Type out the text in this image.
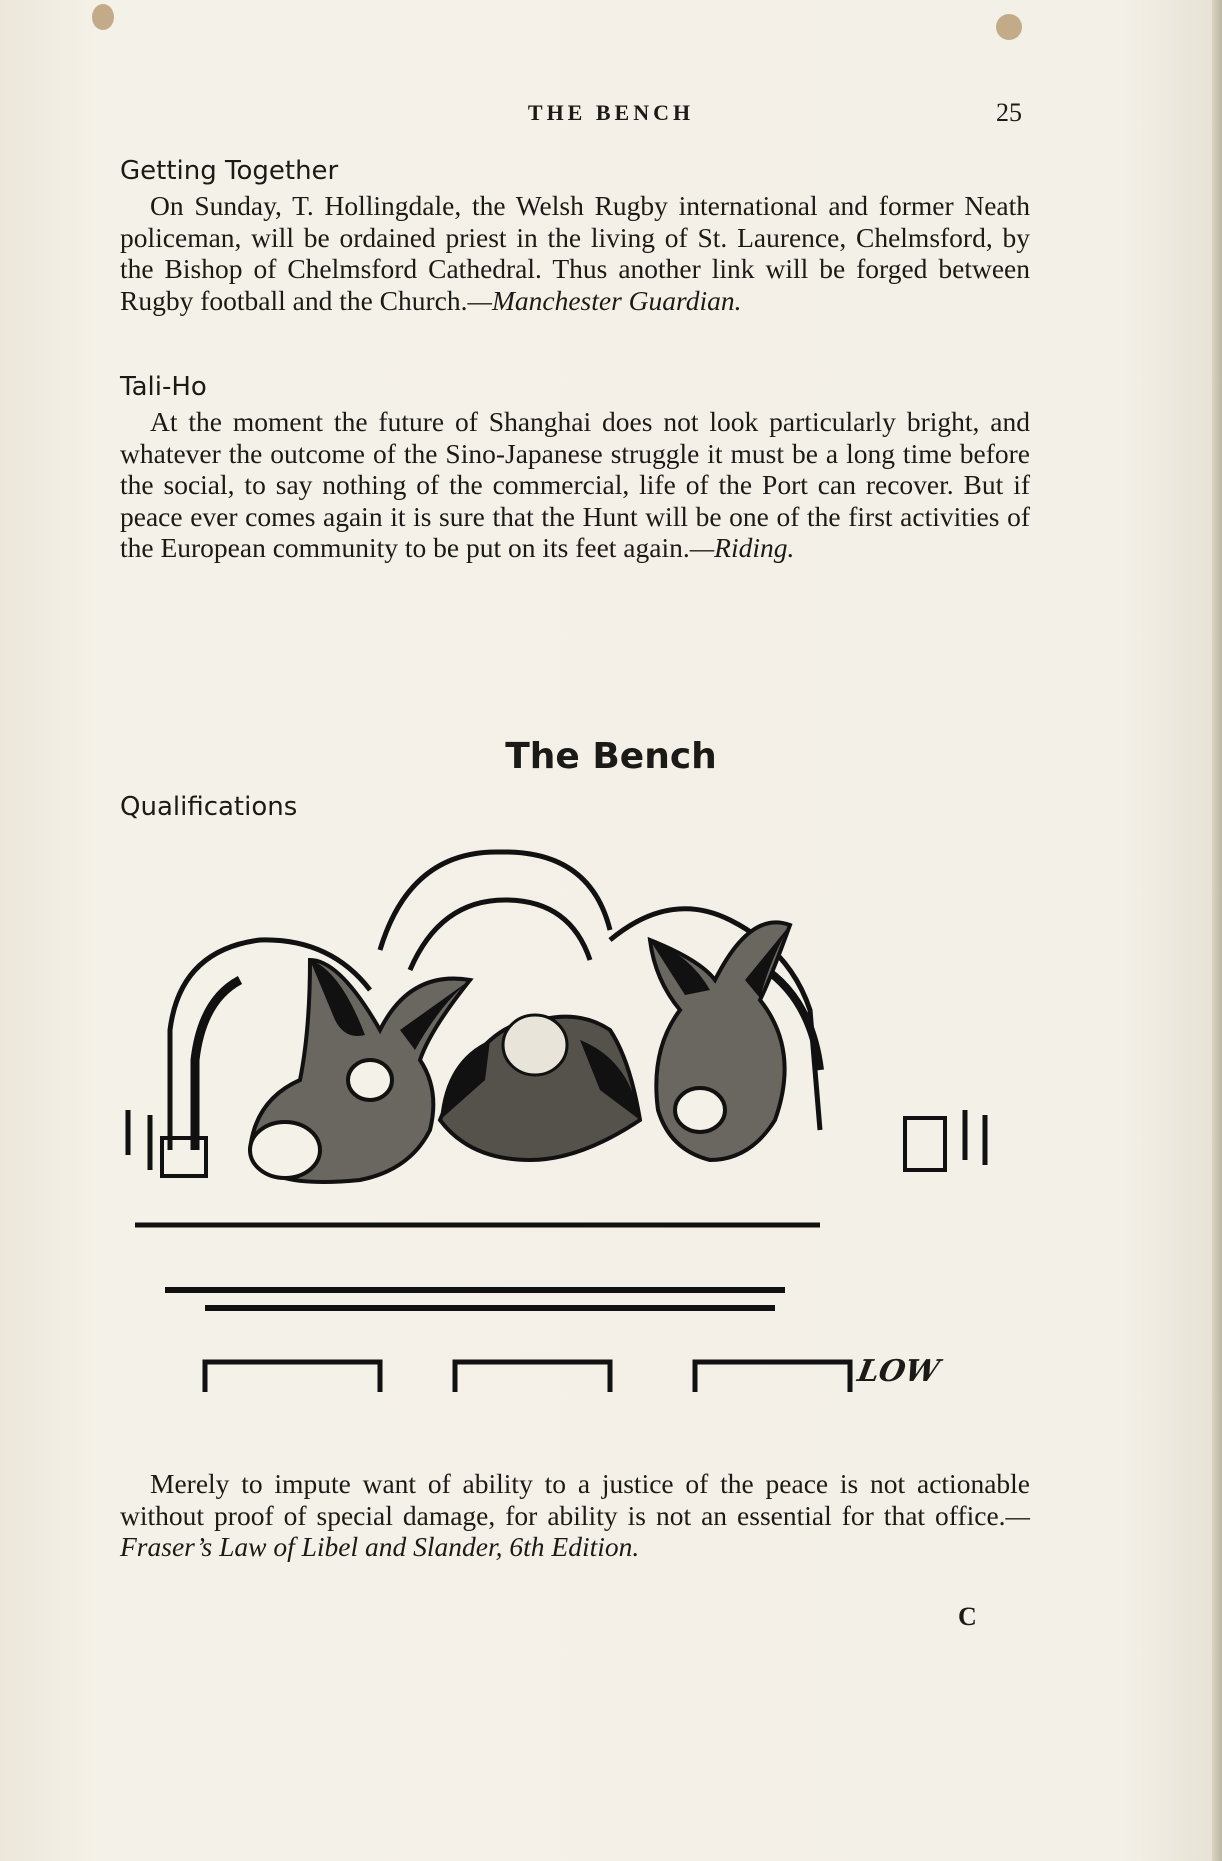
THE BENCH	25
Getting Together

On Sunday, T. Hollingdale, the Welsh Rugby international and former Neath policeman, will be ordained priest in the living of St. Laurence, Chelmsford, by the Bishop of Chelmsford Cathedral. Thus another link will be forged between Rugby football and the Church.—Manchester Guardian.

Tali-Ho

At the moment the future of Shanghai does not look particularly bright, and whatever the outcome of the Sino-Japanese struggle it must be a long time before the social, to say nothing of the commercial, life of the Port can recover. But if peace ever comes again it is sure that the Hunt will be one of the first activities of the European community to be put on its feet again.—Riding.

The Bench
Qualifications
LOW

Merely to impute want of ability to a justice of the peace is not actionable without proof of special damage, for ability is not an essential for that office.—Fraser’s Law of Libel and Slander, 6th Edition.

C
